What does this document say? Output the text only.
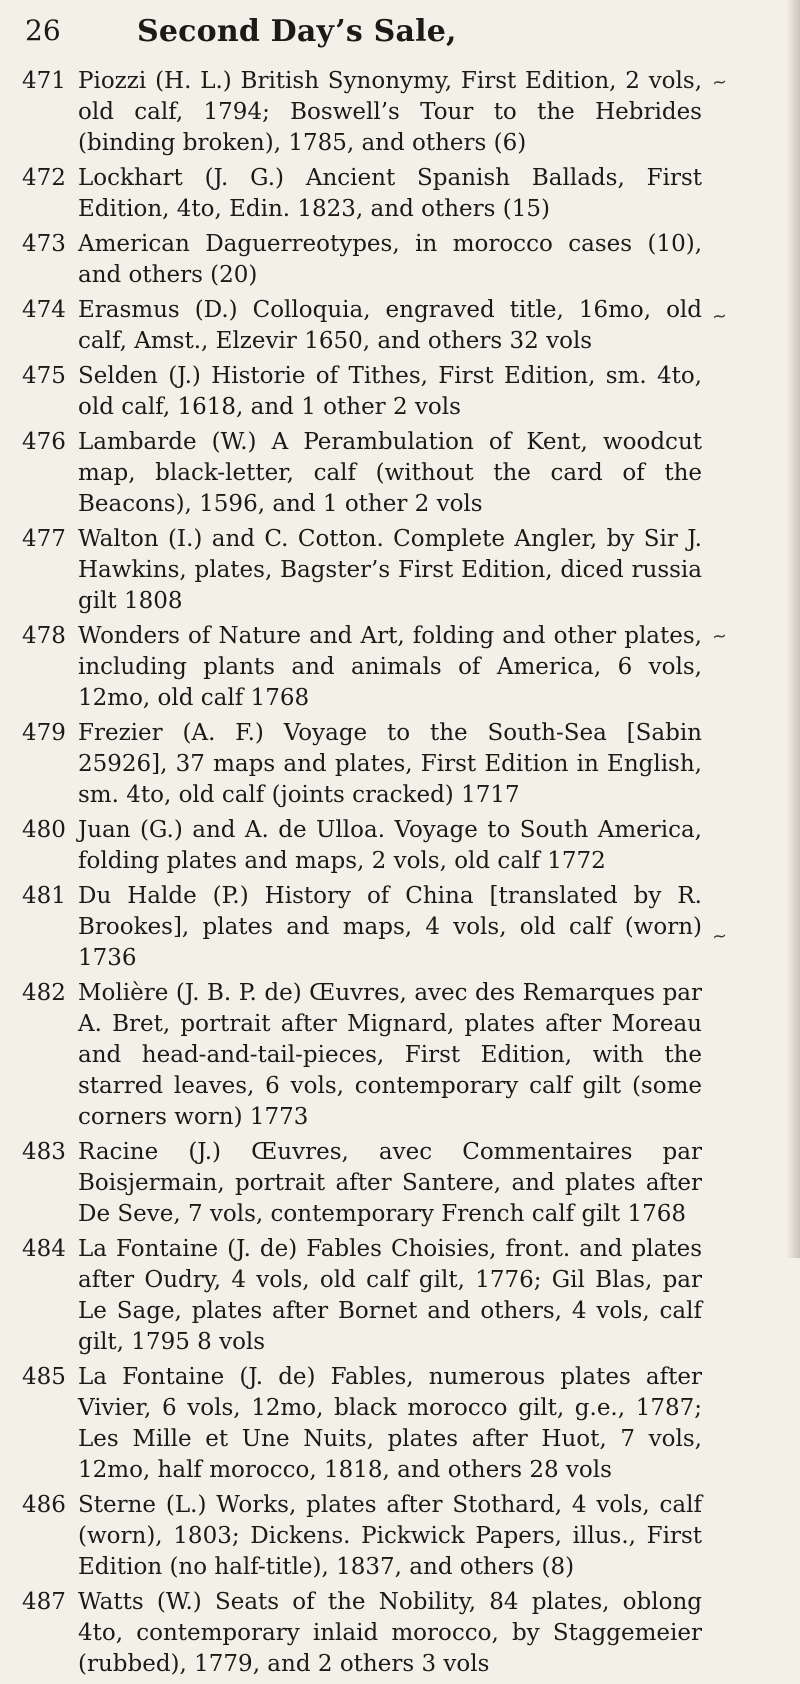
26	Second Day’s Sale,
471 Piozzi (H. L.) British Synonymy, First Edition, 2 vols, old calf, 1794; Boswell’s Tour to the Hebrides (binding broken), 1785, and others (6)
472 Lockhart (J. G.) Ancient Spanish Ballads, First Edition, 4to, Edin. 1823, and others (15)
473 American Daguerreotypes, in morocco cases (10), and others (20)
474 Erasmus (D.) Colloquia, engraved title, 16mo, old calf, Amst., Elzevir 1650, and others 32 vols
475 Selden (J.) Historie of Tithes, First Edition, sm. 4to, old calf, 1618, and 1 other 2 vols
476 Lambarde (W.) A Perambulation of Kent, woodcut map, black-letter, calf (without the card of the Beacons), 1596, and 1 other 2 vols
477 Walton (I.) and C. Cotton. Complete Angler, by Sir J. Hawkins, plates, Bagster’s First Edition, diced russia gilt 1808
478 Wonders of Nature and Art, folding and other plates, including plants and animals of America, 6 vols, 12mo, old calf 1768
479 Frezier (A. F.) Voyage to the South-Sea [Sabin 25926], 37 maps and plates, First Edition in English, sm. 4to, old calf (joints cracked) 1717
480 Juan (G.) and A. de Ulloa. Voyage to South America, folding plates and maps, 2 vols, old calf 1772
481 Du Halde (P.) History of China [translated by R. Brookes], plates and maps, 4 vols, old calf (worn) 1736
482 Molière (J. B. P. de) Œuvres, avec des Remarques par A. Bret, portrait after Mignard, plates after Moreau and head-and-tail-pieces, First Edition, with the starred leaves, 6 vols, contemporary calf gilt (some corners worn) 1773
483 Racine (J.) Œuvres, avec Commentaires par Boisjermain, portrait after Santere, and plates after De Seve, 7 vols, contemporary French calf gilt 1768
484 La Fontaine (J. de) Fables Choisies, front. and plates after Oudry, 4 vols, old calf gilt, 1776; Gil Blas, par Le Sage, plates after Bornet and others, 4 vols, calf gilt, 1795 8 vols
485 La Fontaine (J. de) Fables, numerous plates after Vivier, 6 vols, 12mo, black morocco gilt, g.e., 1787; Les Mille et Une Nuits, plates after Huot, 7 vols, 12mo, half morocco, 1818, and others 28 vols
486 Sterne (L.) Works, plates after Stothard, 4 vols, calf (worn), 1803; Dickens. Pickwick Papers, illus., First Edition (no half-title), 1837, and others (8)
487 Watts (W.) Seats of the Nobility, 84 plates, oblong 4to, contemporary inlaid morocco, by Staggemeier (rubbed), 1779, and 2 others 3 vols
~
~
~
~
